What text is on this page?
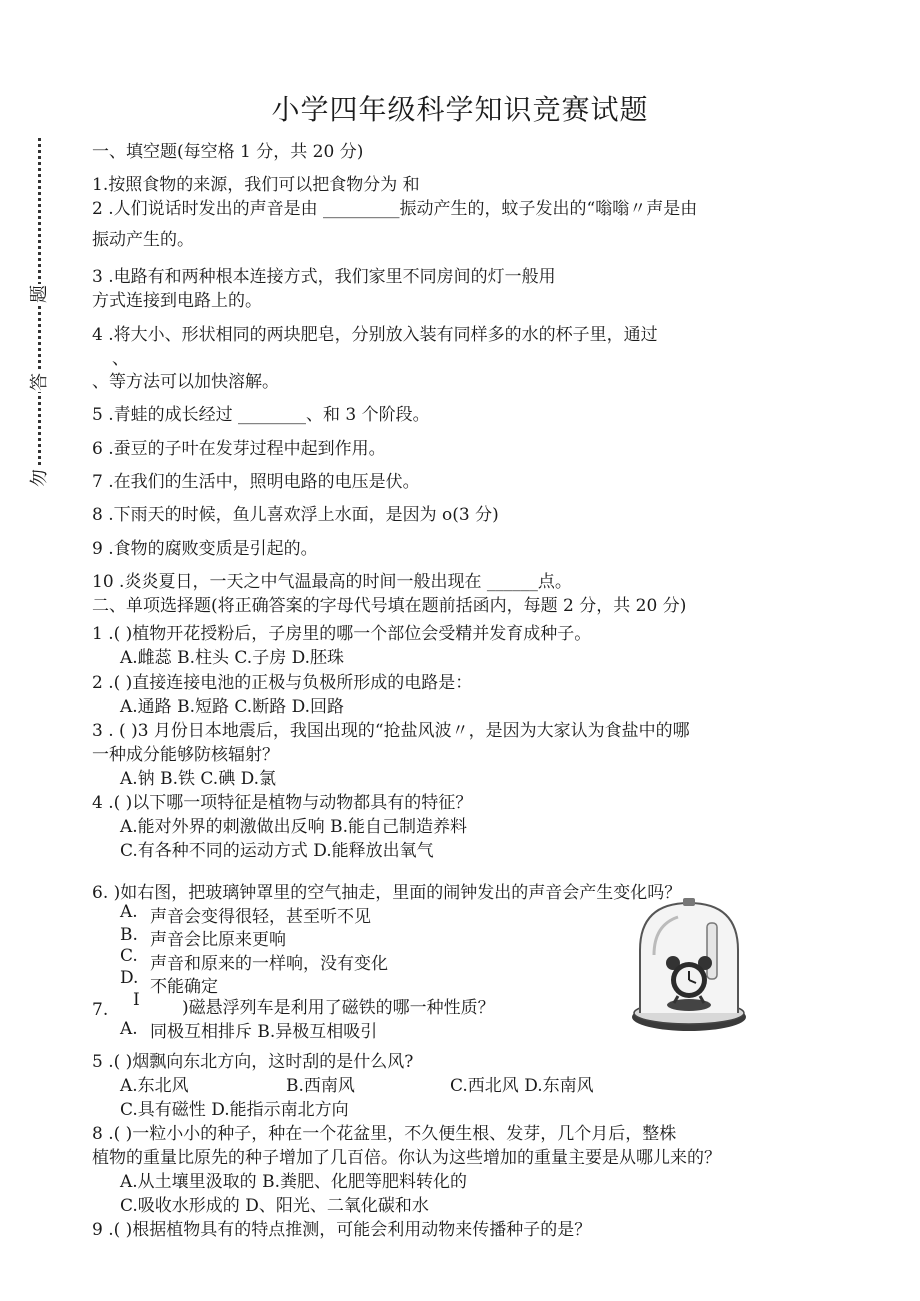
题
答
勿
小学四年级科学知识竞赛试题
一、填空题(每空格 1 分，共 20 分)
1.按照食物的来源，我们可以把食物分为 和
2 .人们说话时发出的声音是由 _________振动产生的，蚊子发出的“嗡嗡〃声是由
振动产生的。
3 .电路有和两种根本连接方式，我们家里不同房间的灯一般用
方式连接到电路上的。
4 .将大小、形状相同的两块肥皂，分别放入装有同样多的水的杯子里，通过
、
、等方法可以加快溶解。
5 .青蛙的成长经过 ________、和 3 个阶段。
6 .蚕豆的子叶在发芽过程中起到作用。
7 .在我们的生活中，照明电路的电压是伏。
8 .下雨天的时候，鱼儿喜欢浮上水面，是因为 o(3 分)
9 .食物的腐败变质是引起的。
10 .炎炎夏日，一天之中气温最高的时间一般出现在 ______点。
二、单项选择题(将正确答案的字母代号填在题前括函内，每题 2 分，共 20 分)
1 .( )植物开花授粉后，子房里的哪一个部位会受精并发育成种子。
A.雌蕊 B.柱头 C.子房 D.胚珠
2 .( )直接连接电池的正极与负极所形成的电路是：
A.通路 B.短路 C.断路 D.回路
3 . ( )3 月份日本地震后，我国出现的“抢盐风波〃，是因为大家认为食盐中的哪
一种成分能够防核辐射？
A.钠 B.铁 C.碘 D.氯
4 .( )以下哪一项特征是植物与动物都具有的特征？
A.能对外界的刺激做出反响 B.能自己制造养料
C.有各种不同的运动方式 D.能释放出氧气
6. )如右图，把玻璃钟罩里的空气抽走，里面的闹钟发出的声音会产生变化吗？
A. 声音会变得很轻，甚至听不见
B. 声音会比原来更响
C. 声音和原来的一样响，没有变化
D. 不能确定
7. I )磁悬浮列车是利用了磁铁的哪一种性质？
A. 同极互相排斥 B.异极互相吸引
5 .( )烟飘向东北方向，这时刮的是什么风?
A.东北风	B.西南风	C.西北风 D.东南风
C.具有磁性 D.能指示南北方向
8 .( )一粒小小的种子，种在一个花盆里，不久便生根、发芽，几个月后，整株
植物的重量比原先的种子增加了几百倍。你认为这些增加的重量主要是从哪儿来的？
A.从土壤里汲取的 B.粪肥、化肥等肥料转化的
C.吸收水形成的 D、阳光、二氧化碳和水
9 .( )根据植物具有的特点推测，可能会利用动物来传播种子的是？
